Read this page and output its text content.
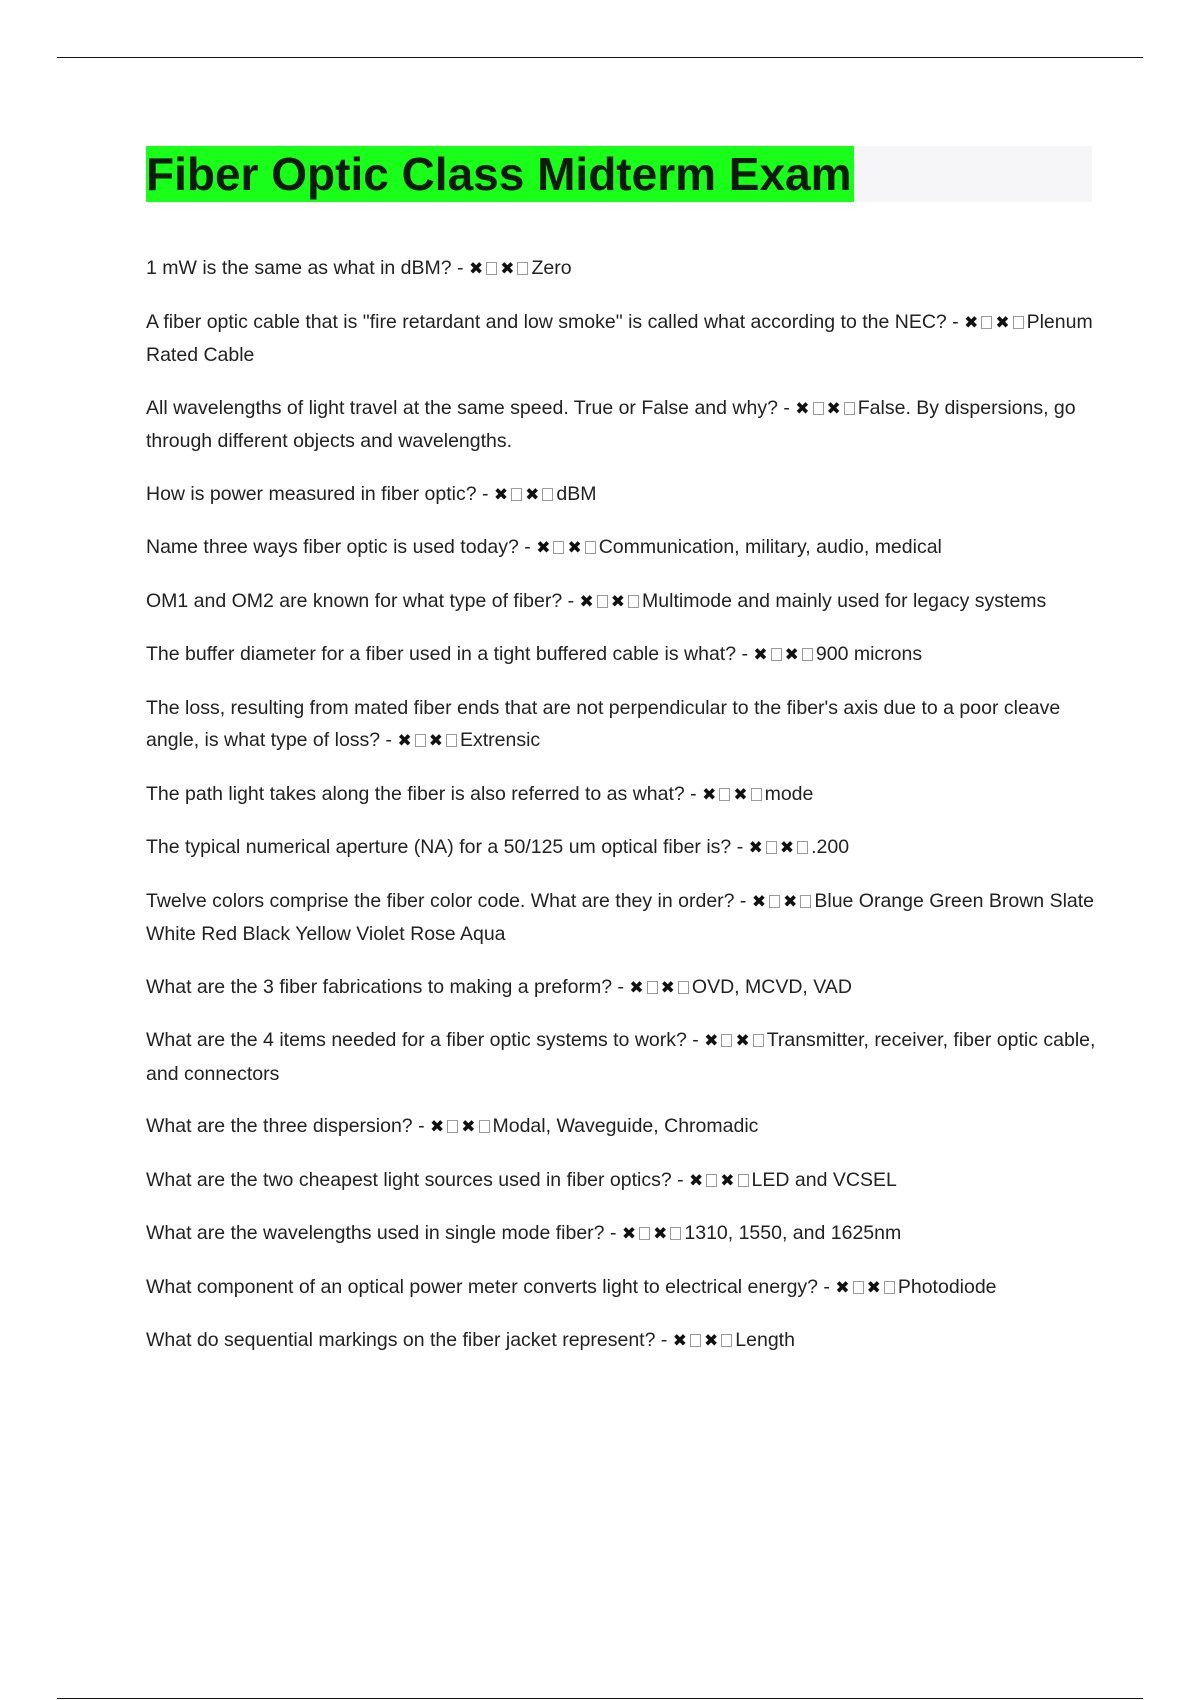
Fiber Optic Class Midterm Exam
1 mW is the same as what in dBM? - ✖ ✖ Zero
A fiber optic cable that is "fire retardant and low smoke" is called what according to the NEC? - ✖ ✖ Plenum Rated Cable
All wavelengths of light travel at the same speed. True or False and why? - ✖ ✖ False. By dispersions, go through different objects and wavelengths.
How is power measured in fiber optic? - ✖ ✖ dBM
Name three ways fiber optic is used today? - ✖ ✖ Communication, military, audio, medical
OM1 and OM2 are known for what type of fiber? - ✖ ✖ Multimode and mainly used for legacy systems
The buffer diameter for a fiber used in a tight buffered cable is what? - ✖ ✖ 900 microns
The loss, resulting from mated fiber ends that are not perpendicular to the fiber's axis due to a poor cleave angle, is what type of loss? - ✖ ✖ Extrensic
The path light takes along the fiber is also referred to as what? - ✖ ✖ mode
The typical numerical aperture (NA) for a 50/125 um optical fiber is? - ✖ ✖ .200
Twelve colors comprise the fiber color code. What are they in order? - ✖ ✖ Blue Orange Green Brown Slate White Red Black Yellow Violet Rose Aqua
What are the 3 fiber fabrications to making a preform? - ✖ ✖ OVD, MCVD, VAD
What are the 4 items needed for a fiber optic systems to work? - ✖ ✖ Transmitter, receiver, fiber optic cable, and connectors
What are the three dispersion? - ✖ ✖ Modal, Waveguide, Chromadic
What are the two cheapest light sources used in fiber optics? - ✖ ✖ LED and VCSEL
What are the wavelengths used in single mode fiber? - ✖ ✖ 1310, 1550, and 1625nm
What component of an optical power meter converts light to electrical energy? - ✖ ✖ Photodiode
What do sequential markings on the fiber jacket represent? - ✖ ✖ Length
